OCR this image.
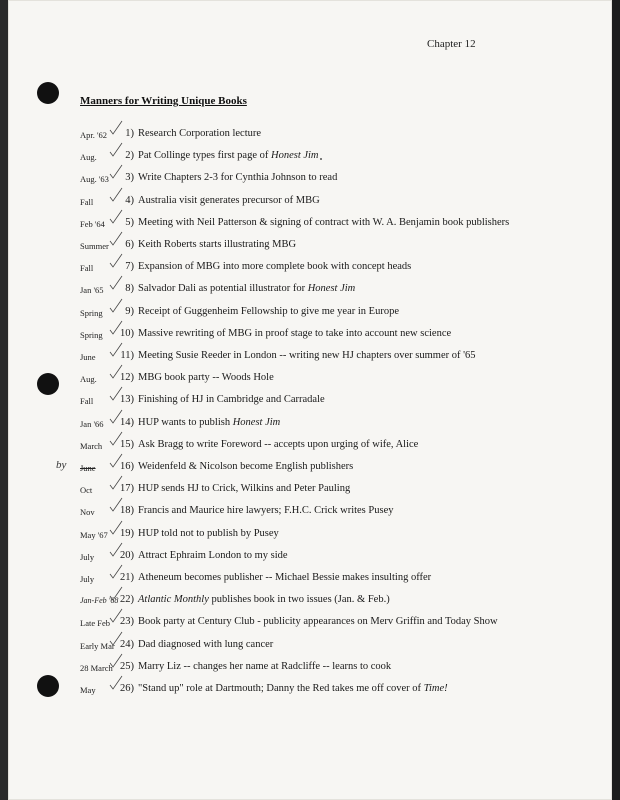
Chapter 12
Manners for Writing Unique Books
by
Apr. '62	1) Research Corporation lecture
Aug.	2) Pat Collinge types first page of Honest Jim
Aug. '63	3) Write Chapters 2-3 for Cynthia Johnson to read
Fall	4) Australia visit generates precursor of MBG
Feb '64	5) Meeting with Neil Patterson & signing of contract with W. A. Benjamin book publishers
Summer	6) Keith Roberts starts illustrating MBG
Fall	7) Expansion of MBG into more complete book with concept heads
Jan '65	8) Salvador Dali as potential illustrator for Honest Jim
Spring	9) Receipt of Guggenheim Fellowship to give me year in Europe
Spring	10) Massive rewriting of MBG in proof stage to take into account new science
June	11) Meeting Susie Reeder in London -- writing new HJ chapters over summer of '65
Aug.	12) MBG book party -- Woods Hole
Fall	13) Finishing of HJ in Cambridge and Carradale
Jan '66	14) HUP wants to publish Honest Jim
March	15) Ask Bragg to write Foreword -- accepts upon urging of wife, Alice
June	16) Weidenfeld & Nicolson become English publishers
Oct	17) HUP sends HJ to Crick, Wilkins and Peter Pauling
Nov	18) Francis and Maurice hire lawyers; F.H.C. Crick writes Pusey
May '67	19) HUP told not to publish by Pusey
July	20) Attract Ephraim London to my side
July	21) Atheneum becomes publisher -- Michael Bessie makes insulting offer
Jan-Feb '68 22) Atlantic Monthly publishes book in two issues (Jan. & Feb.)
Late Feb 23) Book party at Century Club - publicity appearances on Merv Griffin and Today Show
Early Mar 24) Dad diagnosed with lung cancer
28 March 25) Marry Liz -- changes her name at Radcliffe -- learns to cook
May	26) "Stand up" role at Dartmouth; Danny the Red takes me off cover of Time!
